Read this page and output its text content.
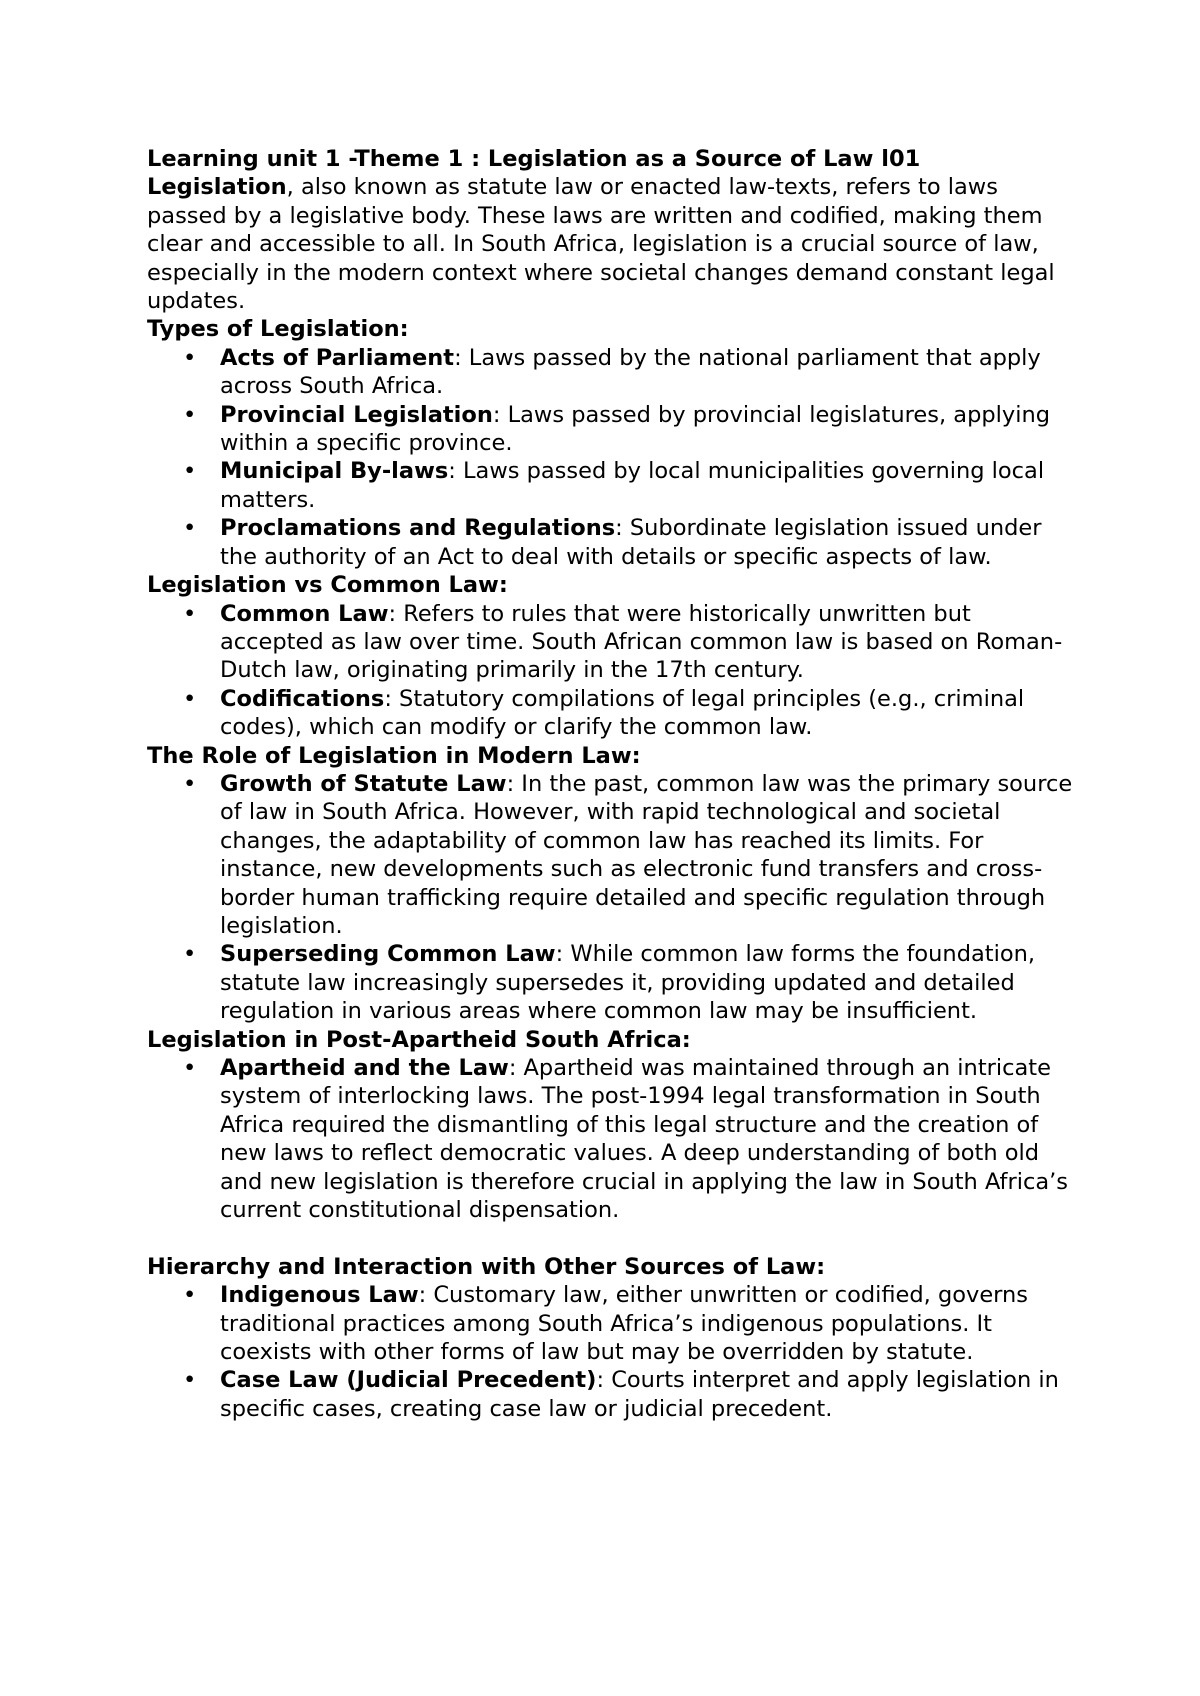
Learning unit 1 -Theme 1 : Legislation as a Source of Law l01

Legislation, also known as statute law or enacted law-texts, refers to laws passed by a legislative body. These laws are written and codified, making them clear and accessible to all. In South Africa, legislation is a crucial source of law, especially in the modern context where societal changes demand constant legal updates.

Types of Legislation:
• Acts of Parliament: Laws passed by the national parliament that apply across South Africa.
• Provincial Legislation: Laws passed by provincial legislatures, applying within a specific province.
• Municipal By-laws: Laws passed by local municipalities governing local matters.
• Proclamations and Regulations: Subordinate legislation issued under the authority of an Act to deal with details or specific aspects of law.
Legislation vs Common Law:
• Common Law: Refers to rules that were historically unwritten but accepted as law over time. South African common law is based on Roman-Dutch law, originating primarily in the 17th century.
• Codifications: Statutory compilations of legal principles (e.g., criminal codes), which can modify or clarify the common law.
The Role of Legislation in Modern Law:
• Growth of Statute Law: In the past, common law was the primary source of law in South Africa. However, with rapid technological and societal changes, the adaptability of common law has reached its limits. For instance, new developments such as electronic fund transfers and cross-border human trafficking require detailed and specific regulation through legislation.
• Superseding Common Law: While common law forms the foundation, statute law increasingly supersedes it, providing updated and detailed regulation in various areas where common law may be insufficient.
Legislation in Post-Apartheid South Africa:
• Apartheid and the Law: Apartheid was maintained through an intricate system of interlocking laws. The post-1994 legal transformation in South Africa required the dismantling of this legal structure and the creation of new laws to reflect democratic values. A deep understanding of both old and new legislation is therefore crucial in applying the law in South Africa’s current constitutional dispensation.
Hierarchy and Interaction with Other Sources of Law:
• Indigenous Law: Customary law, either unwritten or codified, governs traditional practices among South Africa’s indigenous populations. It coexists with other forms of law but may be overridden by statute.
• Case Law (Judicial Precedent): Courts interpret and apply legislation in specific cases, creating case law or judicial precedent.
